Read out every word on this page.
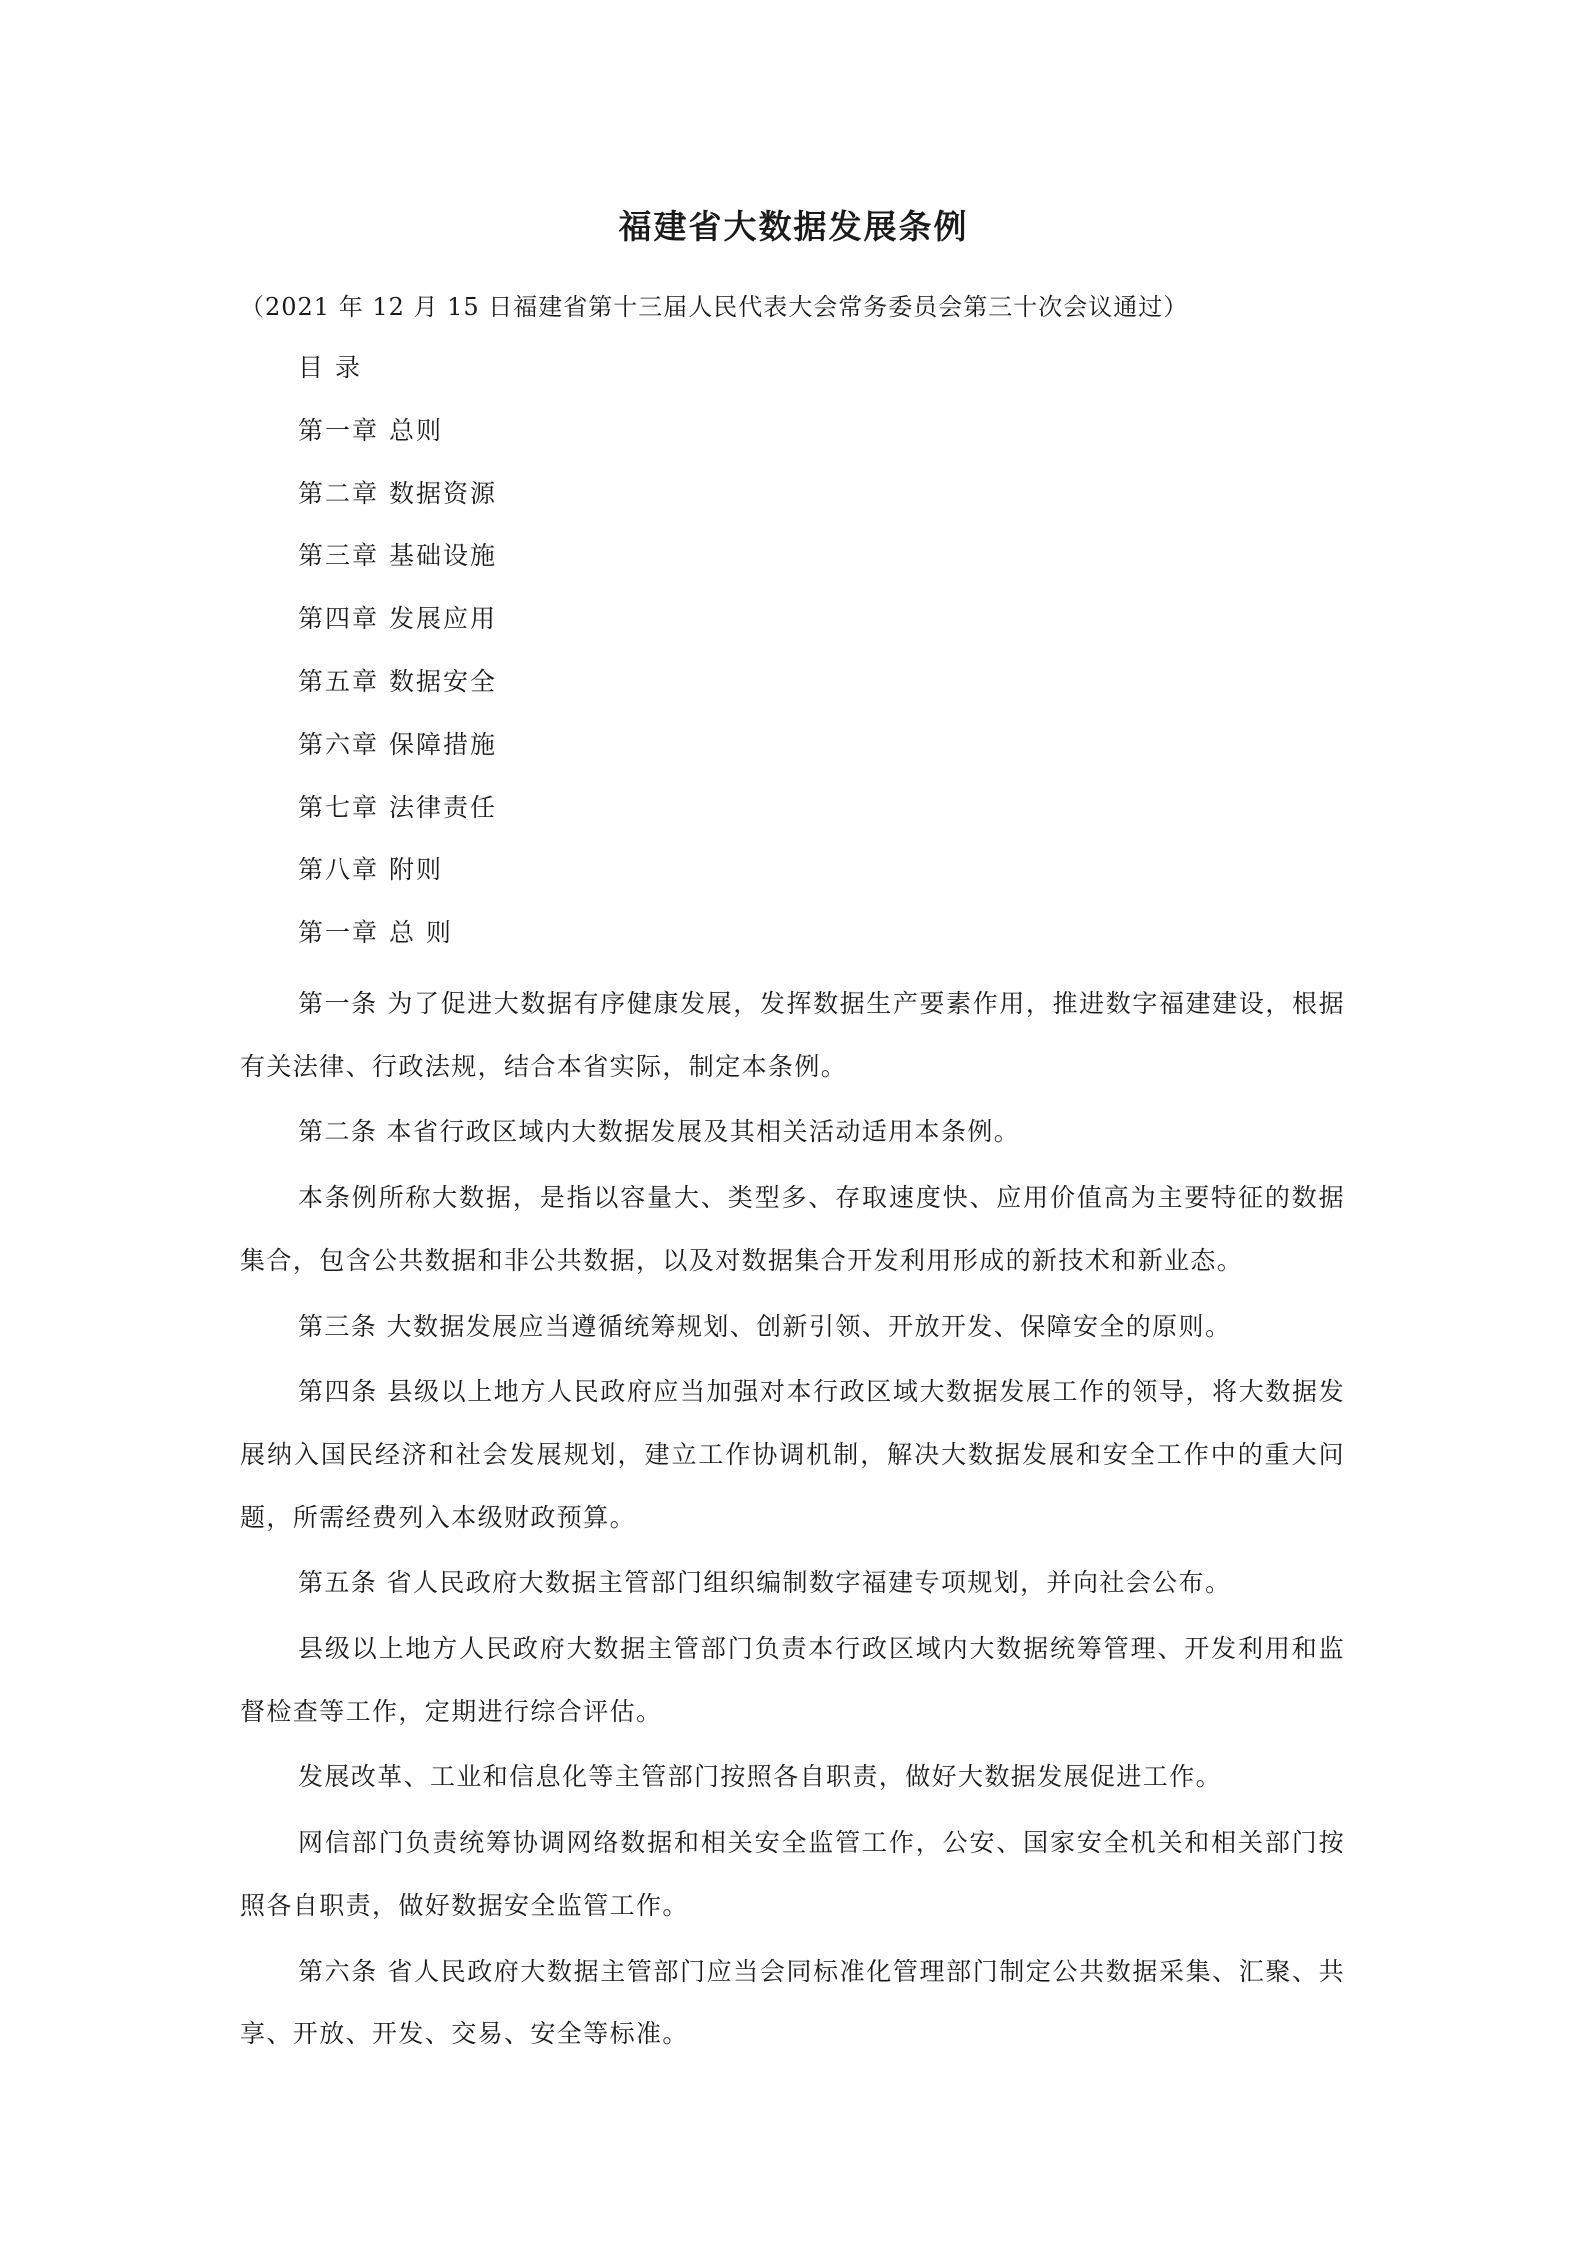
福建省大数据发展条例
（2021 年 12 月 15 日福建省第十三届人民代表大会常务委员会第三十次会议通过）
目 录
第一章 总则
第二章 数据资源
第三章 基础设施
第四章 发展应用
第五章 数据安全
第六章 保障措施
第七章 法律责任
第八章 附则
第一章 总 则

第一条 为了促进大数据有序健康发展，发挥数据生产要素作用，推进数字福建建设，根据有关法律、行政法规，结合本省实际，制定本条例。

第二条 本省行政区域内大数据发展及其相关活动适用本条例。

本条例所称大数据，是指以容量大、类型多、存取速度快、应用价值高为主要特征的数据集合，包含公共数据和非公共数据，以及对数据集合开发利用形成的新技术和新业态。

第三条 大数据发展应当遵循统筹规划、创新引领、开放开发、保障安全的原则。

第四条 县级以上地方人民政府应当加强对本行政区域大数据发展工作的领导，将大数据发展纳入国民经济和社会发展规划，建立工作协调机制，解决大数据发展和安全工作中的重大问题，所需经费列入本级财政预算。

第五条 省人民政府大数据主管部门组织编制数字福建专项规划，并向社会公布。

县级以上地方人民政府大数据主管部门负责本行政区域内大数据统筹管理、开发利用和监督检查等工作，定期进行综合评估。

发展改革、工业和信息化等主管部门按照各自职责，做好大数据发展促进工作。

网信部门负责统筹协调网络数据和相关安全监管工作，公安、国家安全机关和相关部门按照各自职责，做好数据安全监管工作。

第六条 省人民政府大数据主管部门应当会同标准化管理部门制定公共数据采集、汇聚、共享、开放、开发、交易、安全等标准。
